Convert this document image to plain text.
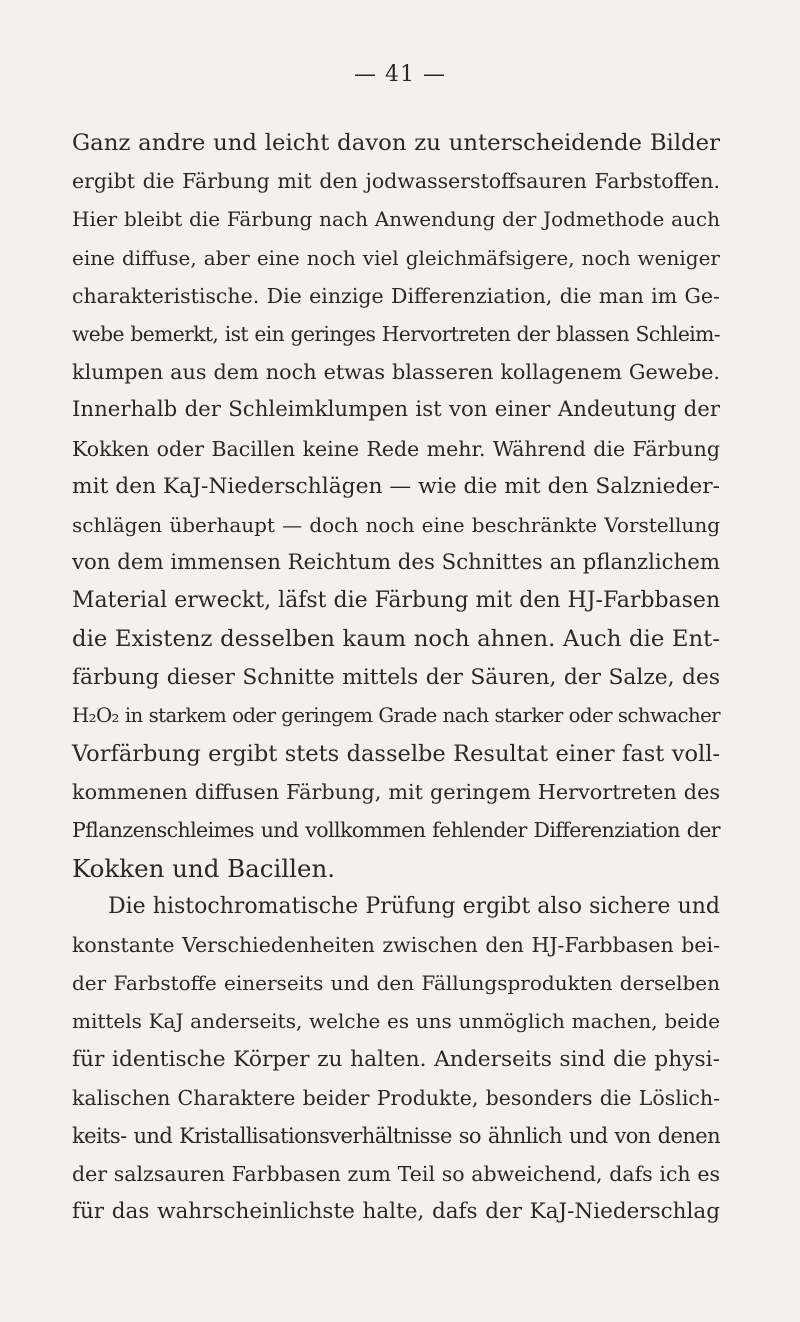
— 41 —
Ganz andre und leicht davon zu unterscheidende Bilder
ergibt die Färbung mit den jodwasserstoffsauren Farbstoffen.
Hier bleibt die Färbung nach Anwendung der Jodmethode auch
eine diffuse, aber eine noch viel gleichmäfsigere, noch weniger
charakteristische. Die einzige Differenziation, die man im Ge-
webe bemerkt, ist ein geringes Hervortreten der blassen Schleim-
klumpen aus dem noch etwas blasseren kollagenem Gewebe.
Innerhalb der Schleimklumpen ist von einer Andeutung der
Kokken oder Bacillen keine Rede mehr. Während die Färbung
mit den KaJ-Niederschlägen — wie die mit den Salznieder-
schlägen überhaupt — doch noch eine beschränkte Vorstellung
von dem immensen Reichtum des Schnittes an pflanzlichem
Material erweckt, läfst die Färbung mit den HJ-Farbbasen
die Existenz desselben kaum noch ahnen. Auch die Ent-
färbung dieser Schnitte mittels der Säuren, der Salze, des
H₂O₂ in starkem oder geringem Grade nach starker oder schwacher
Vorfärbung ergibt stets dasselbe Resultat einer fast voll-
kommenen diffusen Färbung, mit geringem Hervortreten des
Pflanzenschleimes und vollkommen fehlender Differenziation der
Kokken und Bacillen.
Die histochromatische Prüfung ergibt also sichere und
konstante Verschiedenheiten zwischen den HJ-Farbbasen bei-
der Farbstoffe einerseits und den Fällungsprodukten derselben
mittels KaJ anderseits, welche es uns unmöglich machen, beide
für identische Körper zu halten. Anderseits sind die physi-
kalischen Charaktere beider Produkte, besonders die Löslich-
keits- und Kristallisationsverhältnisse so ähnlich und von denen
der salzsauren Farbbasen zum Teil so abweichend, dafs ich es
für das wahrscheinlichste halte, dafs der KaJ-Niederschlag
